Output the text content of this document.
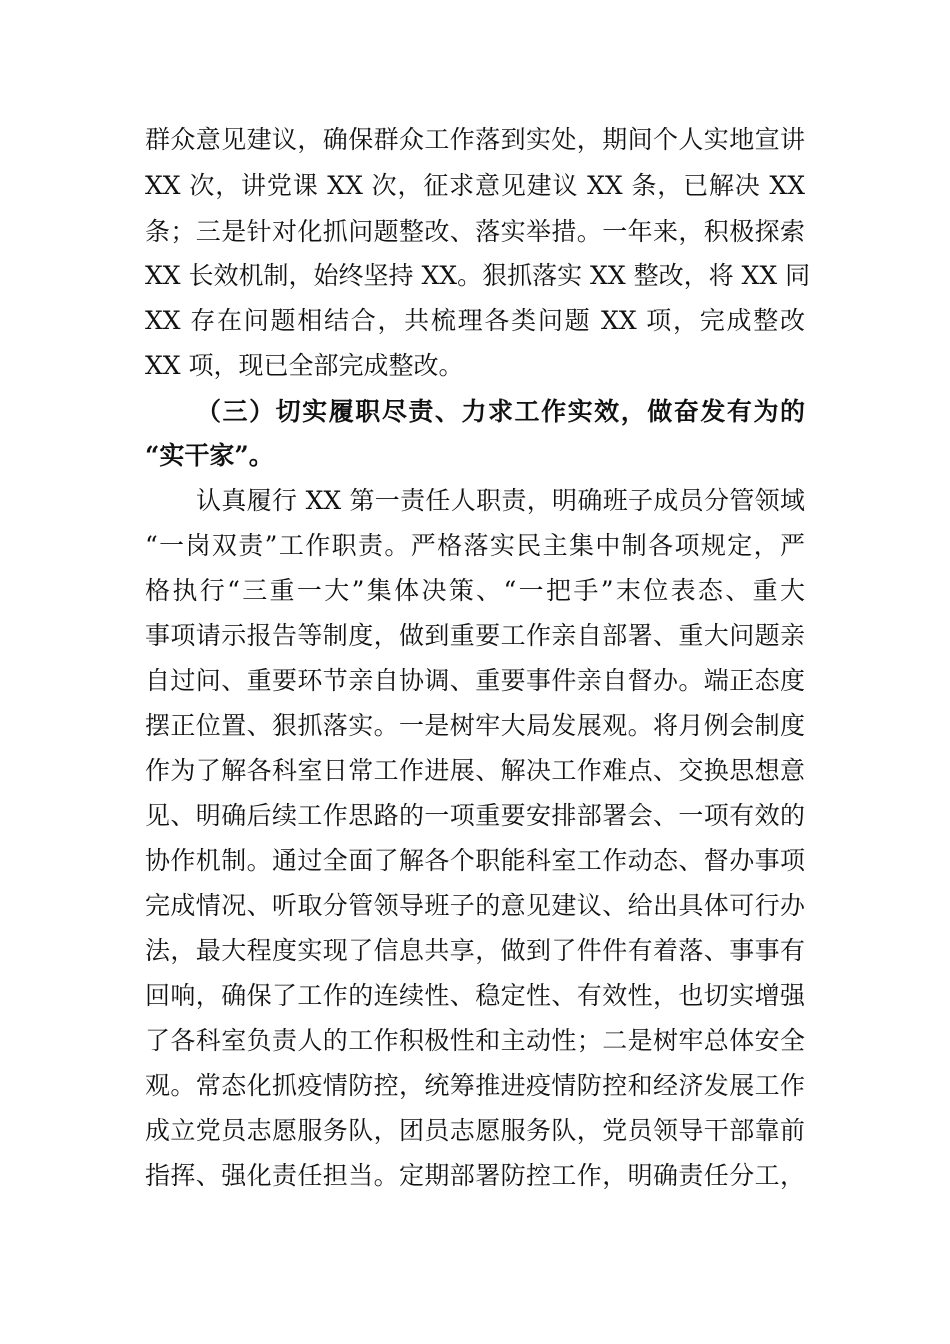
群众意见建议，确保群众工作落到实处，期间个人实地宣讲
XX 次，讲党课 XX 次，征求意见建议 XX 条，已解决 XX
条；三是针对化抓问题整改、落实举措。一年来，积极探索
XX 长效机制，始终坚持 XX。狠抓落实 XX 整改，将 XX 同
XX 存在问题相结合，共梳理各类问题 XX 项，完成整改
XX 项，现已全部完成整改。
（三）切实履职尽责、力求工作实效，做奋发有为的
“实干家”。
认真履行 XX 第一责任人职责，明确班子成员分管领域
“一岗双责”工作职责。严格落实民主集中制各项规定，严
格执行“三重一大”集体决策、“一把手”末位表态、重大
事项请示报告等制度，做到重要工作亲自部署、重大问题亲
自过问、重要环节亲自协调、重要事件亲自督办。端正态度
摆正位置、狠抓落实。一是树牢大局发展观。将月例会制度
作为了解各科室日常工作进展、解决工作难点、交换思想意
见、明确后续工作思路的一项重要安排部署会、一项有效的
协作机制。通过全面了解各个职能科室工作动态、督办事项
完成情况、听取分管领导班子的意见建议、给出具体可行办
法，最大程度实现了信息共享，做到了件件有着落、事事有
回响，确保了工作的连续性、稳定性、有效性，也切实增强
了各科室负责人的工作积极性和主动性；二是树牢总体安全
观。常态化抓疫情防控，统筹推进疫情防控和经济发展工作
成立党员志愿服务队，团员志愿服务队，党员领导干部靠前
指挥、强化责任担当。定期部署防控工作，明确责任分工，
